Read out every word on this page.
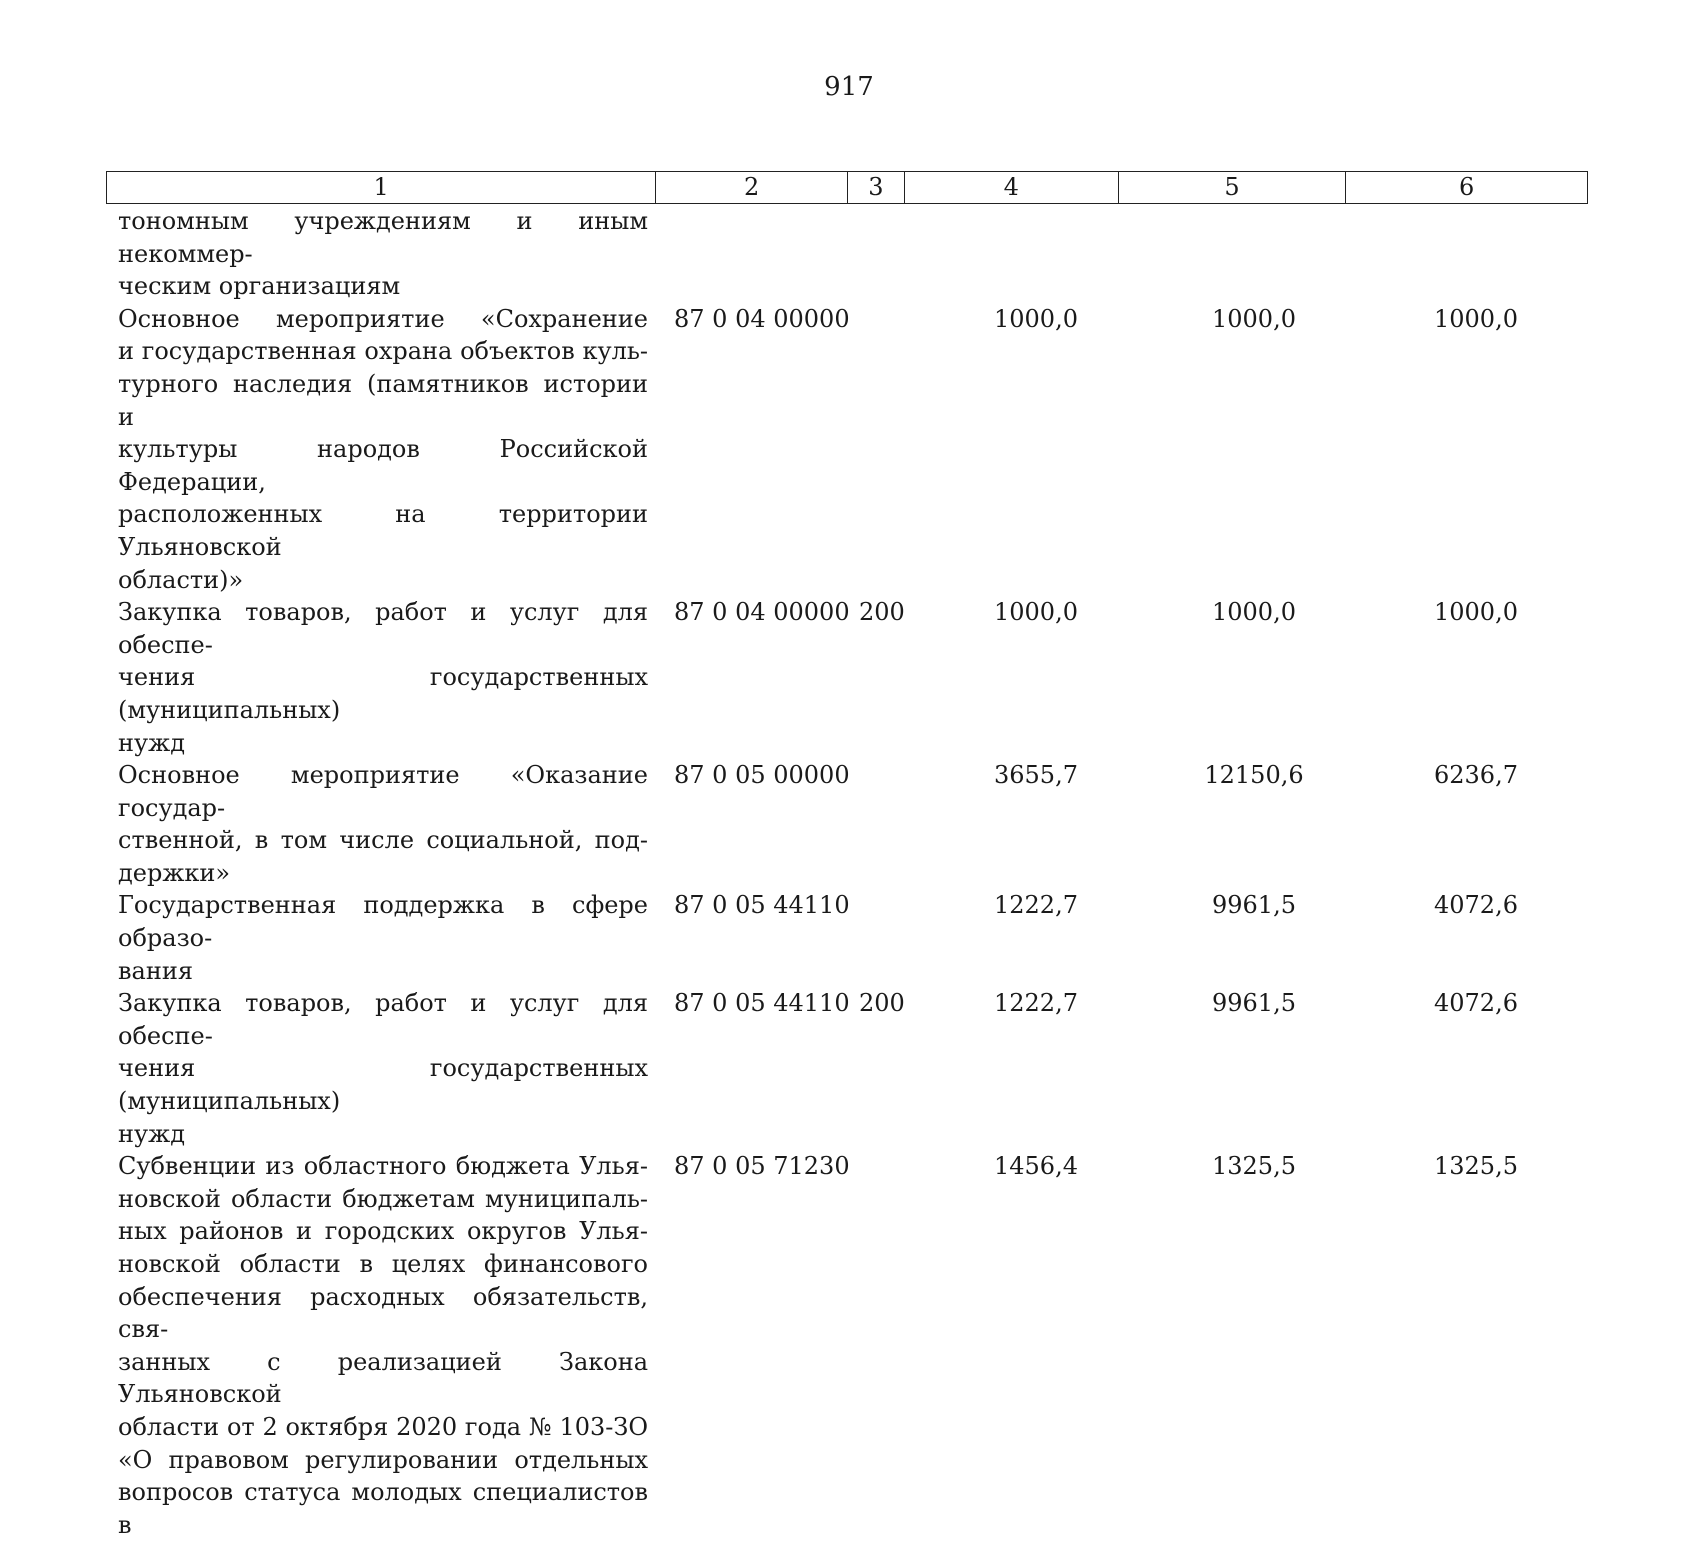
917
1	2	3	4	5	6
тономным учреждениям и иным некоммер-
ческим организациям
Основное мероприятие «Сохранение
и государственная охрана объектов куль-
турного наследия (памятников истории и
культуры народов Российской Федерации,
расположенных на территории Ульяновской
области)»
87 0 04 00000	1000,0	1000,0	1000,0
Закупка товаров, работ и услуг для обеспе-
чения государственных (муниципальных)
нужд
87 0 04 00000 200	1000,0	1000,0	1000,0
Основное мероприятие «Оказание государ-
ственной, в том числе социальной, под-
держки»
87 0 05 00000	3655,7	12150,6	6236,7
Государственная поддержка в сфере образо-
вания
87 0 05 44110	1222,7	9961,5	4072,6
Закупка товаров, работ и услуг для обеспе-
чения государственных (муниципальных)
нужд
87 0 05 44110 200	1222,7	9961,5	4072,6
Субвенции из областного бюджета Улья-
новской области бюджетам муниципаль-
ных районов и городских округов Улья-
новской области в целях финансового
обеспечения расходных обязательств, свя-
занных с реализацией Закона Ульяновской
области от 2 октября 2020 года № 103-ЗО
«О правовом регулировании отдельных
вопросов статуса молодых специалистов в
87 0 05 71230	1456,4	1325,5	1325,5
